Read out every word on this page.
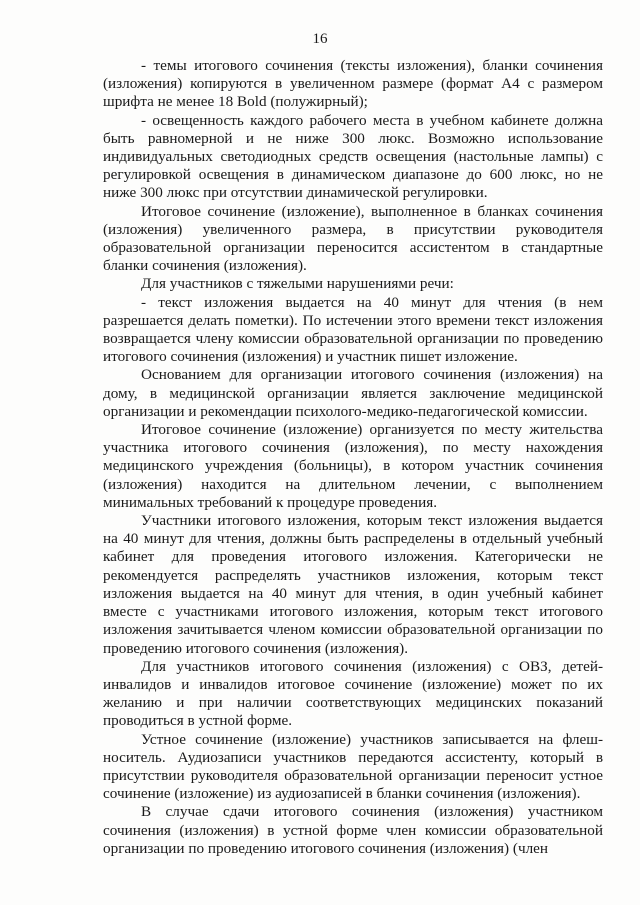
16

- темы итогового сочинения (тексты изложения), бланки сочинения (изложения) копируются в увеличенном размере (формат А4 с размером шрифта не менее 18 Bold (полужирный);

- освещенность каждого рабочего места в учебном кабинете должна быть равномерной и не ниже 300 люкс. Возможно использование индивидуальных светодиодных средств освещения (настольные лампы) с регулировкой освещения в динамическом диапазоне до 600 люкс, но не ниже 300 люкс при отсутствии динамической регулировки.

Итоговое сочинение (изложение), выполненное в бланках сочинения (изложения) увеличенного размера, в присутствии руководителя образовательной организации переносится ассистентом в стандартные бланки сочинения (изложения).

Для участников с тяжелыми нарушениями речи:

- текст изложения выдается на 40 минут для чтения (в нем разрешается делать пометки). По истечении этого времени текст изложения возвращается члену комиссии образовательной организации по проведению итогового сочинения (изложения) и участник пишет изложение.

Основанием для организации итогового сочинения (изложения) на дому, в медицинской организации является заключение медицинской организации и рекомендации психолого-медико-педагогической комиссии.

Итоговое сочинение (изложение) организуется по месту жительства участника итогового сочинения (изложения), по месту нахождения медицинского учреждения (больницы), в котором участник сочинения (изложения) находится на длительном лечении, с выполнением минимальных требований к процедуре проведения.

Участники итогового изложения, которым текст изложения выдается на 40 минут для чтения, должны быть распределены в отдельный учебный кабинет для проведения итогового изложения. Категорически не рекомендуется распределять участников изложения, которым текст изложения выдается на 40 минут для чтения, в один учебный кабинет вместе с участниками итогового изложения, которым текст итогового изложения зачитывается членом комиссии образовательной организации по проведению итогового сочинения (изложения).

Для участников итогового сочинения (изложения) с ОВЗ, детей-инвалидов и инвалидов итоговое сочинение (изложение) может по их желанию и при наличии соответствующих медицинских показаний проводиться в устной форме.

Устное сочинение (изложение) участников записывается на флеш-носитель. Аудиозаписи участников передаются ассистенту, который в присутствии руководителя образовательной организации переносит устное сочинение (изложение) из аудиозаписей в бланки сочинения (изложения).

В случае сдачи итогового сочинения (изложения) участником сочинения (изложения) в устной форме член комиссии образовательной организации по проведению итогового сочинения (изложения) (член
